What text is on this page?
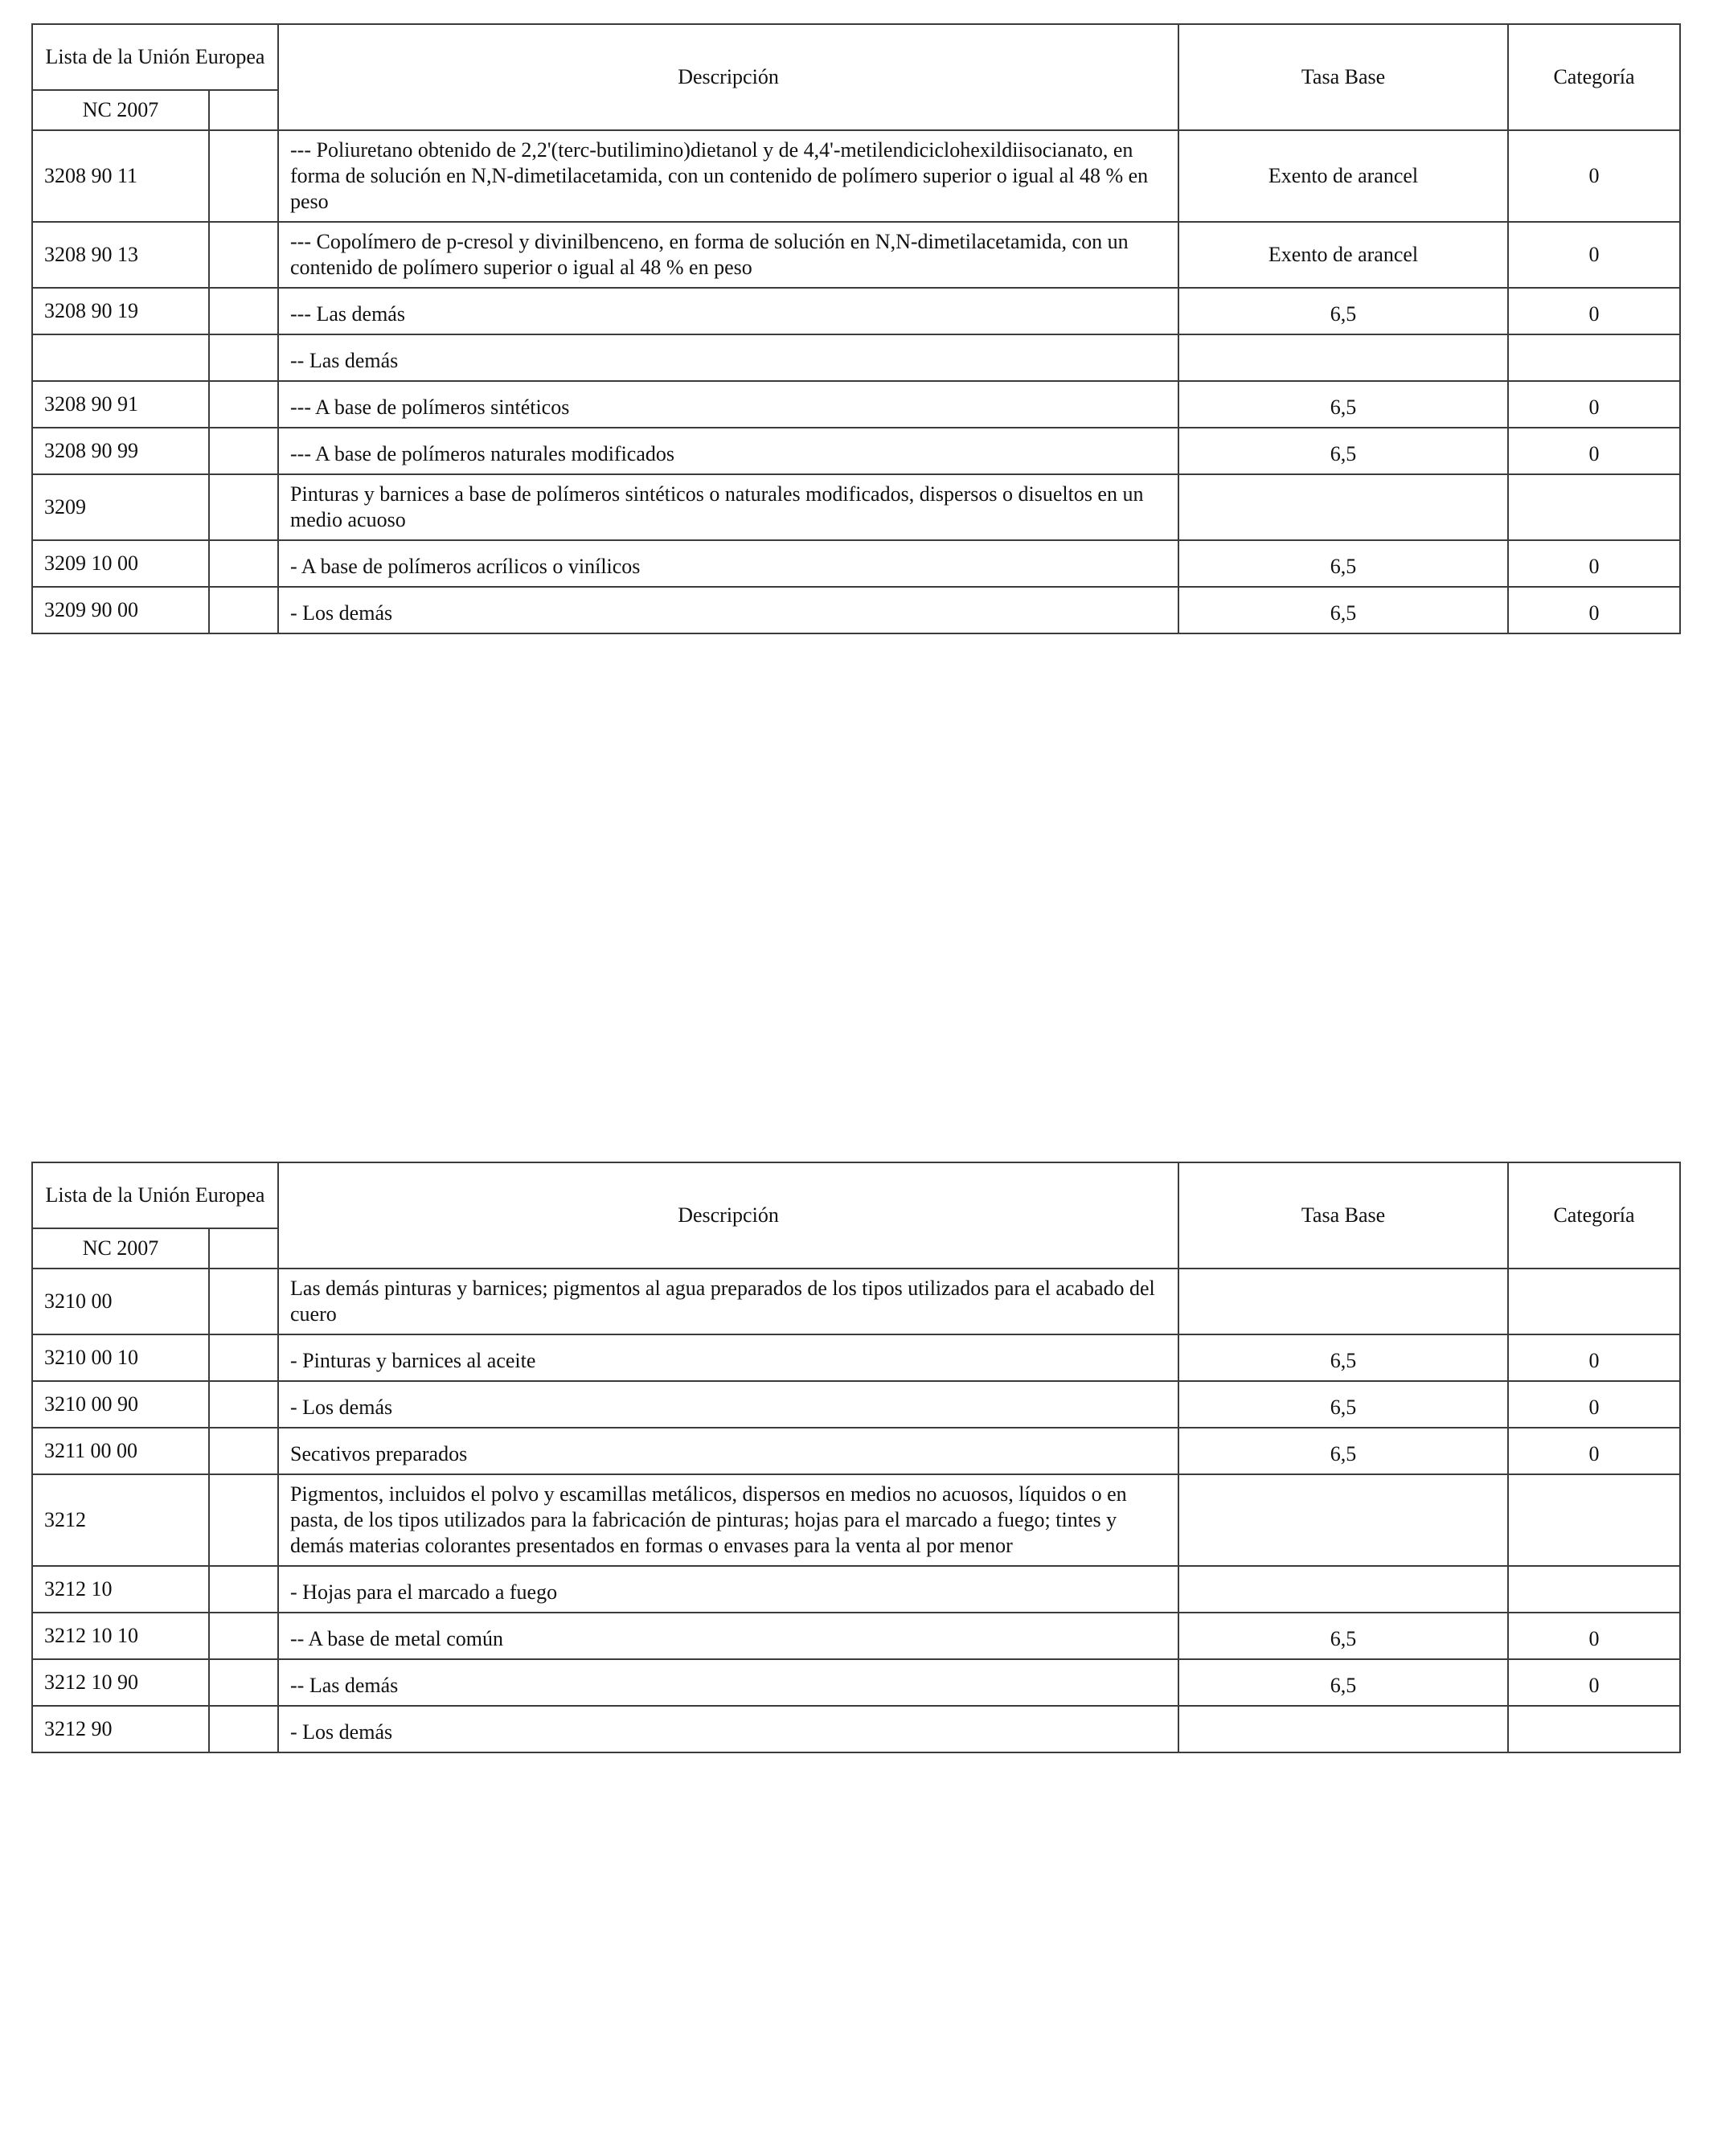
Lista de la Unión Europea		Descripción	Tasa Base	Categoría
NC 2007				
3208 90 11		--- Poliuretano obtenido de 2,2'(terc-butilimino)dietanol y de 4,4'-metilendiciclohexildiisocianato, en forma de solución en N,N-dimetilacetamida, con un contenido de polímero superior o igual al 48 % en peso	Exento de arancel	0
3208 90 13		--- Copolímero de p-cresol y divinilbenceno, en forma de solución en N,N-dimetilacetamida, con un contenido de polímero superior o igual al 48 % en peso	Exento de arancel	0
3208 90 19		--- Las demás	6,5	0
		-- Las demás		
3208 90 91		--- A base de polímeros sintéticos	6,5	0
3208 90 99		--- A base de polímeros naturales modificados	6,5	0
3209		Pinturas y barnices a base de polímeros sintéticos o naturales modificados, dispersos o disueltos en un medio acuoso		
3209 10 00		- A base de polímeros acrílicos o vinílicos	6,5	0
3209 90 00		- Los demás	6,5	0
Lista de la Unión Europea		Descripción	Tasa Base	Categoría
NC 2007				
3210 00		Las demás pinturas y barnices; pigmentos al agua preparados de los tipos utilizados para el acabado del cuero		
3210 00 10		- Pinturas y barnices al aceite	6,5	0
3210 00 90		- Los demás	6,5	0
3211 00 00		Secativos preparados	6,5	0
3212		Pigmentos, incluidos el polvo y escamillas metálicos, dispersos en medios no acuosos, líquidos o en pasta, de los tipos utilizados para la fabricación de pinturas; hojas para el marcado a fuego; tintes y demás materias colorantes presentados en formas o envases para la venta al por menor		
3212 10		- Hojas para el marcado a fuego		
3212 10 10		-- A base de metal común	6,5	0
3212 10 90		-- Las demás	6,5	0
3212 90		- Los demás		
